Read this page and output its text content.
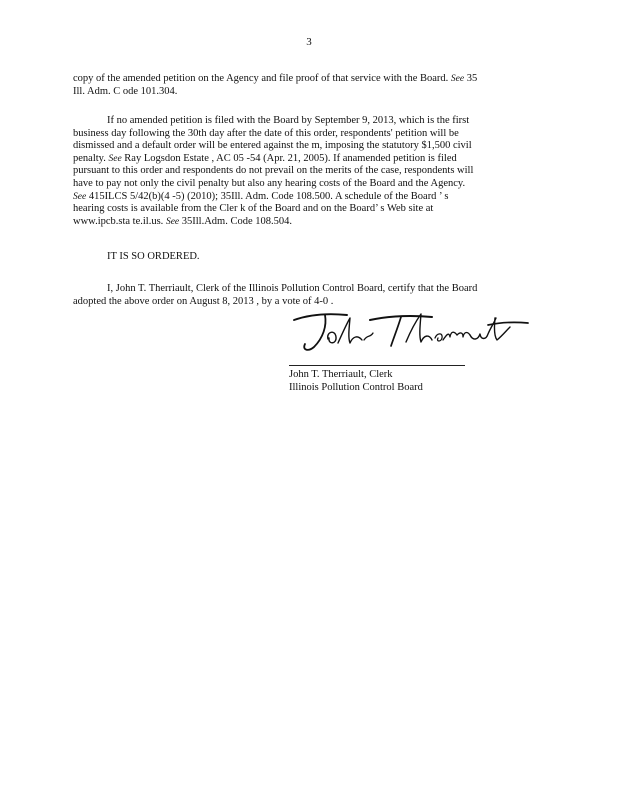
3
copy of the amended petition on the Agency and file proof of that service with the Board. See 35
Ill. Adm. C ode 101.304.
If no amended petition is filed with the Board by September 9, 2013, which is the first
business day following the 30th day after the date of this order, respondents' petition will be
dismissed and a default order will be entered against the m, imposing the statutory $1,500 civil
penalty. See Ray Logsdon Estate , AC 05 -54 (Apr. 21, 2005). If anamended petition is filed
pursuant to this order and respondents do not prevail on the merits of the case, respondents will
have to pay not only the civil penalty but also any hearing costs of the Board and the Agency.
See 415ILCS 5/42(b)(4 -5) (2010); 35Ill. Adm. Code 108.500. A schedule of the Board ’ s
hearing costs is available from the Cler k of the Board and on the Board’ s Web site at
www.ipcb.sta te.il.us. See 35Ill.Adm. Code 108.504.
IT IS SO ORDERED.
I, John T. Therriault, Clerk of the Illinois Pollution Control Board, certify that the Board
adopted the above order on August 8, 2013 , by a vote of 4-0 .
John T. Therriault, Clerk
Illinois Pollution Control Board
